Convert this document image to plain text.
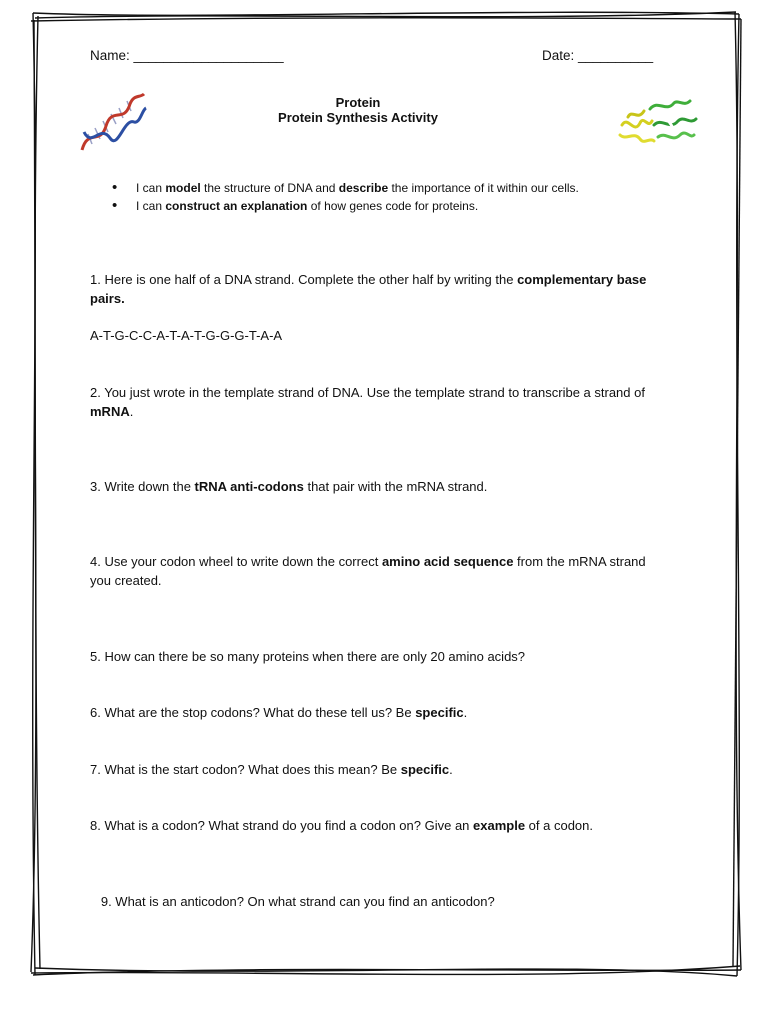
Name: ____________________	Date: __________
Protein
Protein Synthesis Activity
• I can model the structure of DNA and describe the importance of it within our cells.
• I can construct an explanation of how genes code for proteins.
1. Here is one half of a DNA strand. Complete the other half by writing the complementary base pairs.
A-T-G-C-C-A-T-A-T-G-G-G-T-A-A
2. You just wrote in the template strand of DNA. Use the template strand to transcribe a strand of mRNA.
3. Write down the tRNA anti-codons that pair with the mRNA strand.
4. Use your codon wheel to write down the correct amino acid sequence from the mRNA strand you created.
5. How can there be so many proteins when there are only 20 amino acids?
6. What are the stop codons? What do these tell us? Be specific.
7. What is the start codon? What does this mean? Be specific.
8. What is a codon? What strand do you find a codon on? Give an example of a codon.

9. What is an anticodon? On what strand can you find an anticodon?
